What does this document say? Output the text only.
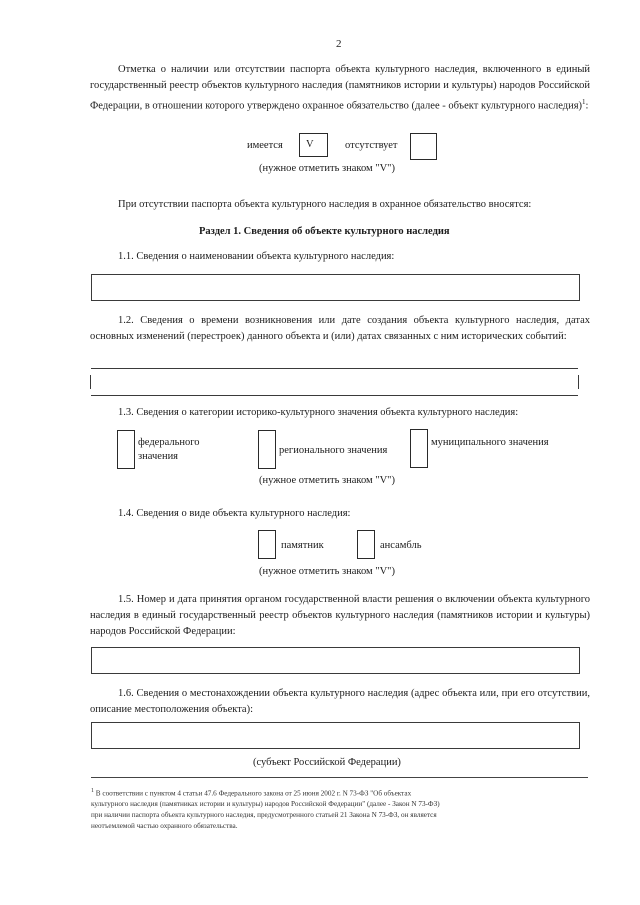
2
Отметка о наличии или отсутствии паспорта объекта культурного наследия, включенного в единый государственный реестр объектов культурного наследия (памятников истории и культуры) народов Российской Федерации, в отношении которого утверждено охранное обязательство (далее - объект культурного наследия)$^1$:
имеется V	отсутствует
(нужное отметить знаком "V")
При отсутствии паспорта объекта культурного наследия в охранное обязательство вносятся:
Раздел 1. Сведения об объекте культурного наследия
1.1. Сведения о наименовании объекта культурного наследия:
1.2. Сведения о времени возникновения или дате создания объекта культурного наследия, датах основных изменений (перестроек) данного объекта и (или) датах связанных с ним исторических событий:
1.3. Сведения о категории историко-культурного значения объекта культурного наследия:
федерального значения
регионального значения
муниципального значения
(нужное отметить знаком "V")
1.4. Сведения о виде объекта культурного наследия:
памятник	ансамбль
(нужное отметить знаком "V")
1.5. Номер и дата принятия органом государственной власти решения о включении объекта культурного наследия в единый государственный реестр объектов культурного наследия (памятников истории и культуры) народов Российской Федерации:
1.6. Сведения о местонахождении объекта культурного наследия (адрес объекта или, при его отсутствии, описание местоположения объекта):
(субъект Российской Федерации)
$^1$ В соответствии с пунктом 4 статьи 47.6 Федерального закона от 25 июня 2002 г. N 73-ФЗ "Об объектах
культурного наследия (памятниках истории и культуры) народов Российской Федерации" (далее - Закон N 73-ФЗ)
при наличии паспорта объекта культурного наследия, предусмотренного статьей 21 Закона N 73-ФЗ, он является
неотъемлемой частью охранного обязательства.
